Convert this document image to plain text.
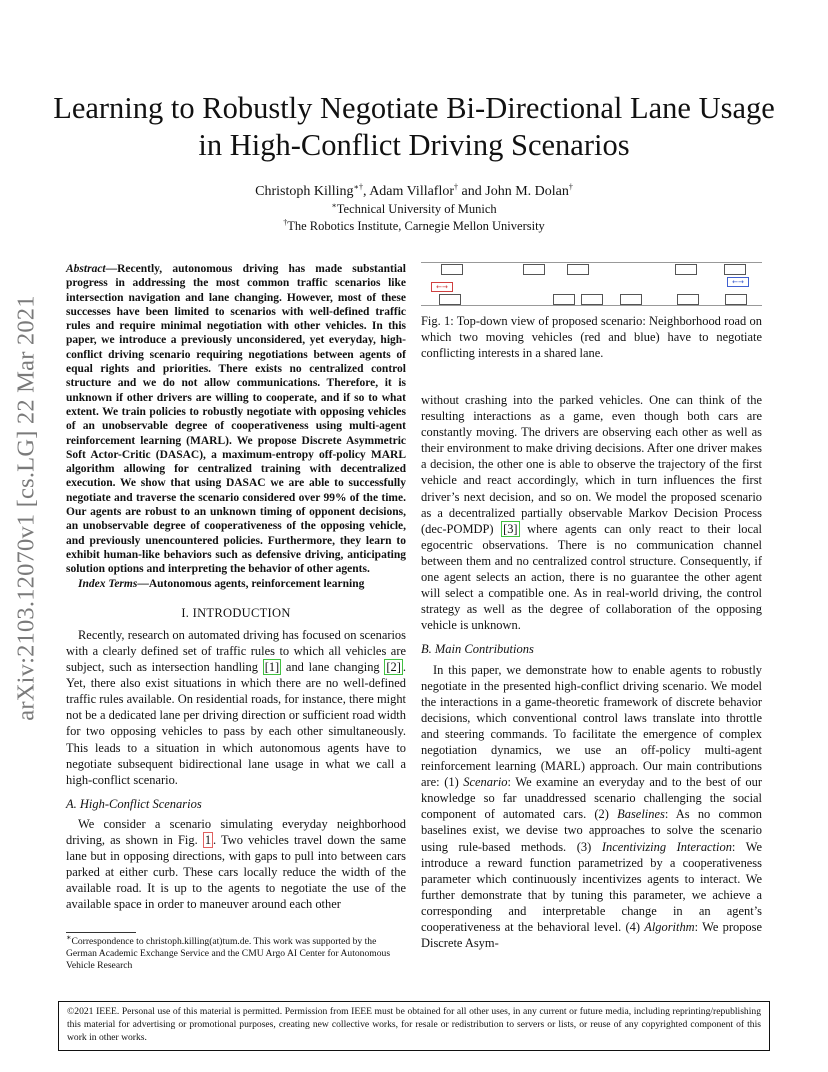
arXiv:2103.12070v1 [cs.LG] 22 Mar 2021
Learning to Robustly Negotiate Bi-Directional Lane Usage in High-Conflict Driving Scenarios
Christoph Killing∗†, Adam Villaflor† and John M. Dolan†
∗Technical University of Munich
†The Robotics Institute, Carnegie Mellon University

Abstract—Recently, autonomous driving has made substantial progress in addressing the most common traffic scenarios like intersection navigation and lane changing. However, most of these successes have been limited to scenarios with well-defined traffic rules and require minimal negotiation with other vehicles. In this paper, we introduce a previously unconsidered, yet everyday, high-conflict driving scenario requiring negotiations between agents of equal rights and priorities. There exists no centralized control structure and we do not allow communications. Therefore, it is unknown if other drivers are willing to cooperate, and if so to what extent. We train policies to robustly negotiate with opposing vehicles of an unobservable degree of cooperativeness using multi-agent reinforcement learning (MARL). We propose Discrete Asymmetric Soft Actor-Critic (DASAC), a maximum-entropy off-policy MARL algorithm allowing for centralized training with decentralized execution. We show that using DASAC we are able to successfully negotiate and traverse the scenario considered over 99% of the time. Our agents are robust to an unknown timing of opponent decisions, an unobservable degree of cooperativeness of the opposing vehicle, and previously unencountered policies. Furthermore, they learn to exhibit human-like behaviors such as defensive driving, anticipating solution options and interpreting the behavior of other agents.

Index Terms—Autonomous agents, reinforcement learning

I. INTRODUCTION

Recently, research on automated driving has focused on scenarios with a clearly defined set of traffic rules to which all vehicles are subject, such as intersection handling [1] and lane changing [2] . Yet, there also exist situations in which there are no well-defined traffic rules available. On residential roads, for instance, there might not be a dedicated lane per driving direction or sufficient road width for two opposing vehicles to pass by each other simultaneously. This leads to a situation in which autonomous agents have to negotiate subsequent bidirectional lane usage in what we call a high-conflict scenario.

A. High-Conflict Scenarios

We consider a scenario simulating everyday neighborhood driving, as shown in Fig. 1 . Two vehicles travel down the same lane but in opposing directions, with gaps to pull into between cars parked at either curb. These cars locally reduce the width of the available road. It is up to the agents to negotiate the use of the available space in order to maneuver around each other

∗Correspondence to christoph.killing(at)tum.de. This work was supported by the German Academic Exchange Service and the CMU Argo AI Center for Autonomous Vehicle Research
←→
←→
Fig. 1: Top-down view of proposed scenario: Neighborhood road on which two moving vehicles (red and blue) have to negotiate conflicting interests in a shared lane.

without crashing into the parked vehicles. One can think of the resulting interactions as a game, even though both cars are constantly moving. The drivers are observing each other as well as their environment to make driving decisions. After one driver makes a decision, the other one is able to observe the trajectory of the first vehicle and react accordingly, which in turn influences the first driver’s next decision, and so on. We model the proposed scenario as a decentralized partially observable Markov Decision Process (dec-POMDP) [3] where agents can only react to their local egocentric observations. There is no communication channel between them and no centralized control structure. Consequently, if one agent selects an action, there is no guarantee the other agent will select a compatible one. As in real-world driving, the control strategy as well as the degree of collaboration of the opposing vehicle is unknown.

B. Main Contributions

In this paper, we demonstrate how to enable agents to robustly negotiate in the presented high-conflict driving scenario. We model the interactions in a game-theoretic framework of discrete behavior decisions, which conventional control laws translate into throttle and steering commands. To facilitate the emergence of complex negotiation dynamics, we use an off-policy multi-agent reinforcement learning (MARL) approach. Our main contributions are: (1) Scenario: We examine an everyday and to the best of our knowledge so far unaddressed scenario challenging the social component of automated cars. (2) Baselines: As no common baselines exist, we devise two approaches to solve the scenario using rule-based methods. (3) Incentivizing Interaction: We introduce a reward function parametrized by a cooperativeness parameter which continuously incentivizes agents to interact. We further demonstrate that by tuning this parameter, we achieve a corresponding and interpretable change in an agent’s cooperativeness at the behavioral level. (4) Algorithm: We propose Discrete Asym-

©2021 IEEE. Personal use of this material is permitted. Permission from IEEE must be obtained for all other uses, in any current or future media, including reprinting/republishing this material for advertising or promotional purposes, creating new collective works, for resale or redistribution to servers or lists, or reuse of any copyrighted component of this work in other works.
